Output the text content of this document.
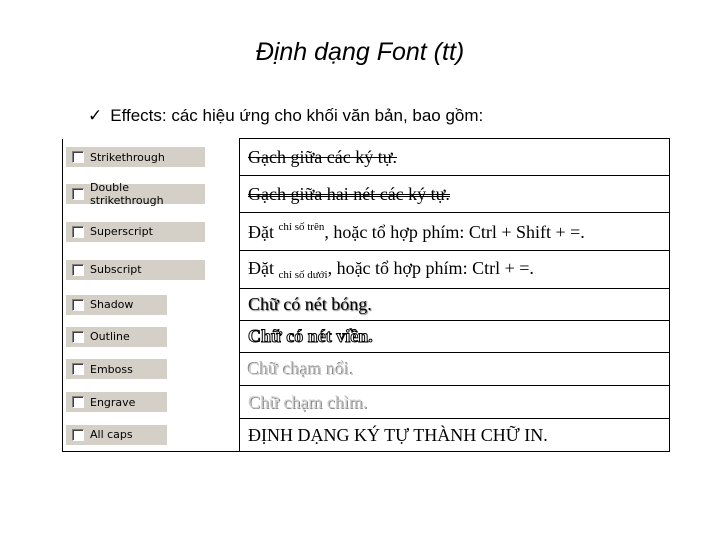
Định dạng Font (tt)
✓ Effects: các hiệu ứng cho khối văn bản, bao gồm:
Strikethrough	Gạch giữa các ký tự.

Double strikethrough	Gạch giữa hai nét các ký tự.

Superscript	Đặt $^{chỉ số trên}$, hoặc tổ hợp phím: Ctrl + Shift + =.

Subscript	Đặt $_{chỉ số dưới}$, hoặc tổ hợp phím: Ctrl + =.

Shadow	Chữ có nét bóng.

Outline	Chữ có nét viền.

Emboss	Chữ chạm nổi.

Engrave	Chữ chạm chìm.

All caps	ĐỊNH DẠNG KÝ TỰ THÀNH CHỮ IN.
